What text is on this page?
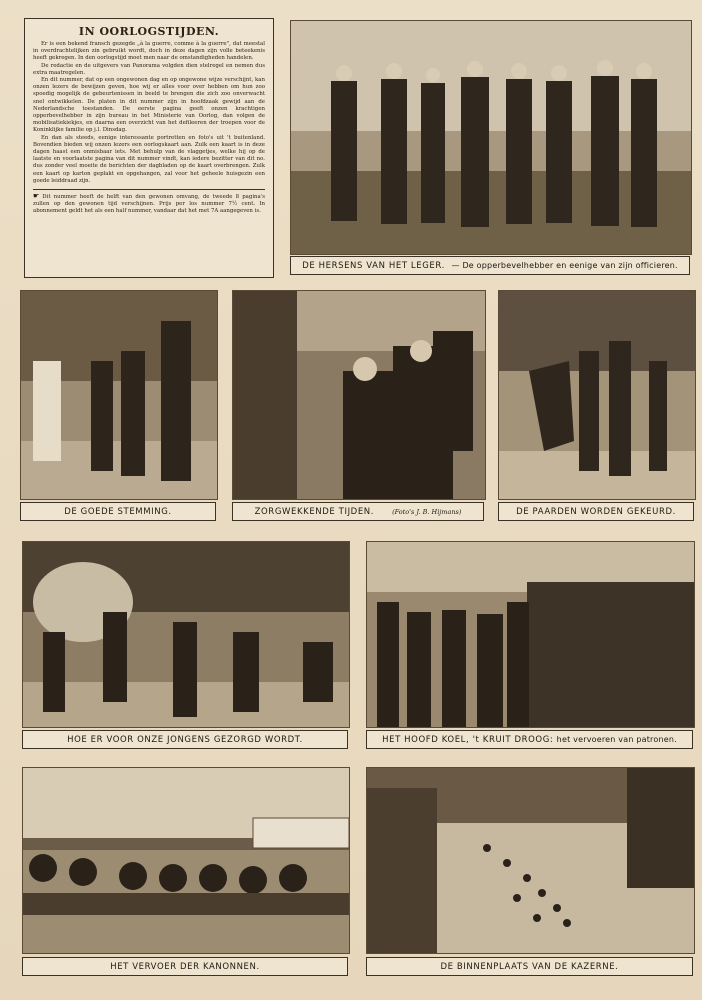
IN OORLOGSTIJDEN.

Er is een bekend fransch gezegde „à la guerre, comme à la guerre", dat meestal in overdrachtelijken zin gebruikt wordt, doch in deze dagen zijn volle beteekenis heeft gekregen. In den oorlogstijd moet men naar de omstandigheden handelen.

De redactie en de uitgevers van Panorama volgden dien stelregel en nemen dus extra maatregelen.

En dit nummer, dat op een ongewonen dag en op ongewone wijze verschijnt, kan onzen lezers de bewijzen geven, hoe wij er alles voor over hebben om hun zoo spoedig mogelijk de gebeurtenissen in beeld te brengen die zich zoo onverwacht snel ontwikkelen. De platen in dit nummer zijn in hoofdzaak gewijd aan de Nederlandsche toestanden. De eerste pagina geeft onzen krachtigen opperbevelhebber in zijn bureau in het Ministerie van Oorlog, dan volgen de mobilisatiekiekjes, en daarna een overzicht van het defileeren der troepen voor de Koninklijke familie op j.l. Dinsdag.

En dan als steeds, eenige interessante portretten en foto's uit 't buitenland. Bovendien bieden wij onzen lezers een oorlogskaart aan. Zulk een kaart is in deze dagen haast een onmisbaar iets. Met behulp van de vlaggetjes, welke hij op de laatste en voorlaatste pagina van dit nummer vindt, kan iedere bezitter van dit no. dus zonder veel moeite de berichten der dagbladen op de kaart overbrengen. Zulk een kaart op karton geplakt en opgehangen, zal voor het geheele huisgezin een goede leiddraad zijn.

☛ Dit nummer heeft de helft van den gewonen omvang, de tweede 8 pagina's zullen op den gewonen tijd verschijnen. Prijs per los nummer 7½ cent. In abonnement geldt het als een half nummer, vandaar dat het met 7A aangegeven is.

DE HERSENS VAN HET LEGER.
— De opperbevelhebber en eenige van zijn officieren.
DE GOEDE STEMMING.	ZORGWEKKENDE TIJDEN.	(Foto's J. B. Hijmans)	DE PAARDEN WORDEN GEKEURD.
HOE ER VOOR ONZE JONGENS GEZORGD WORDT.	HET HOOFD KOEL, 't KRUIT DROOG:
het vervoeren van patronen.
HET VERVOER DER KANONNEN.	DE BINNENPLAATS VAN DE KAZERNE.
